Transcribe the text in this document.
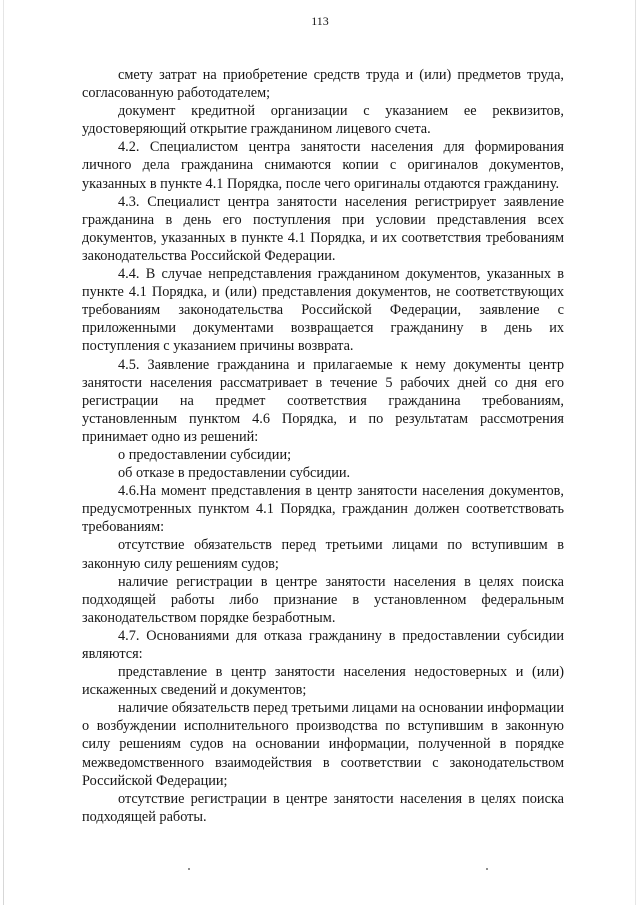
113

смету затрат на приобретение средств труда и (или) предметов труда, согласованную работодателем;

документ кредитной организации с указанием ее реквизитов, удостоверяющий открытие гражданином лицевого счета.

4.2. Специалистом центра занятости населения для формирования личного дела гражданина снимаются копии с оригиналов документов, указанных в пункте 4.1 Порядка, после чего оригиналы отдаются гражданину.

4.3. Специалист центра занятости населения регистрирует заявление гражданина в день его поступления при условии представления всех документов, указанных в пункте 4.1 Порядка, и их соответствия требованиям законодательства Российской Федерации.

4.4. В случае непредставления гражданином документов, указанных в пункте 4.1 Порядка, и (или) представления документов, не соответствующих требованиям законодательства Российской Федерации, заявление с приложенными документами возвращается гражданину в день их поступления с указанием причины возврата.

4.5. Заявление гражданина и прилагаемые к нему документы центр занятости населения рассматривает в течение 5 рабочих дней со дня его регистрации на предмет соответствия гражданина требованиям, установленным пунктом 4.6 Порядка, и по результатам рассмотрения принимает одно из решений:

о предоставлении субсидии;

об отказе в предоставлении субсидии.

4.6.На момент представления в центр занятости населения документов, предусмотренных пунктом 4.1 Порядка, гражданин должен соответствовать требованиям:

отсутствие обязательств перед третьими лицами по вступившим в законную силу решениям судов;

наличие регистрации в центре занятости населения в целях поиска подходящей работы либо признание в установленном федеральным законодательством порядке безработным.

4.7. Основаниями для отказа гражданину в предоставлении субсидии являются:

представление в центр занятости населения недостоверных и (или) искаженных сведений и документов;

наличие обязательств перед третьими лицами на основании информации о возбуждении исполнительного производства по вступившим в законную силу решениям судов на основании информации, полученной в порядке межведомственного взаимодействия в соответствии с законодательством Российской Федерации;

отсутствие регистрации в центре занятости населения в целях поиска подходящей работы.
